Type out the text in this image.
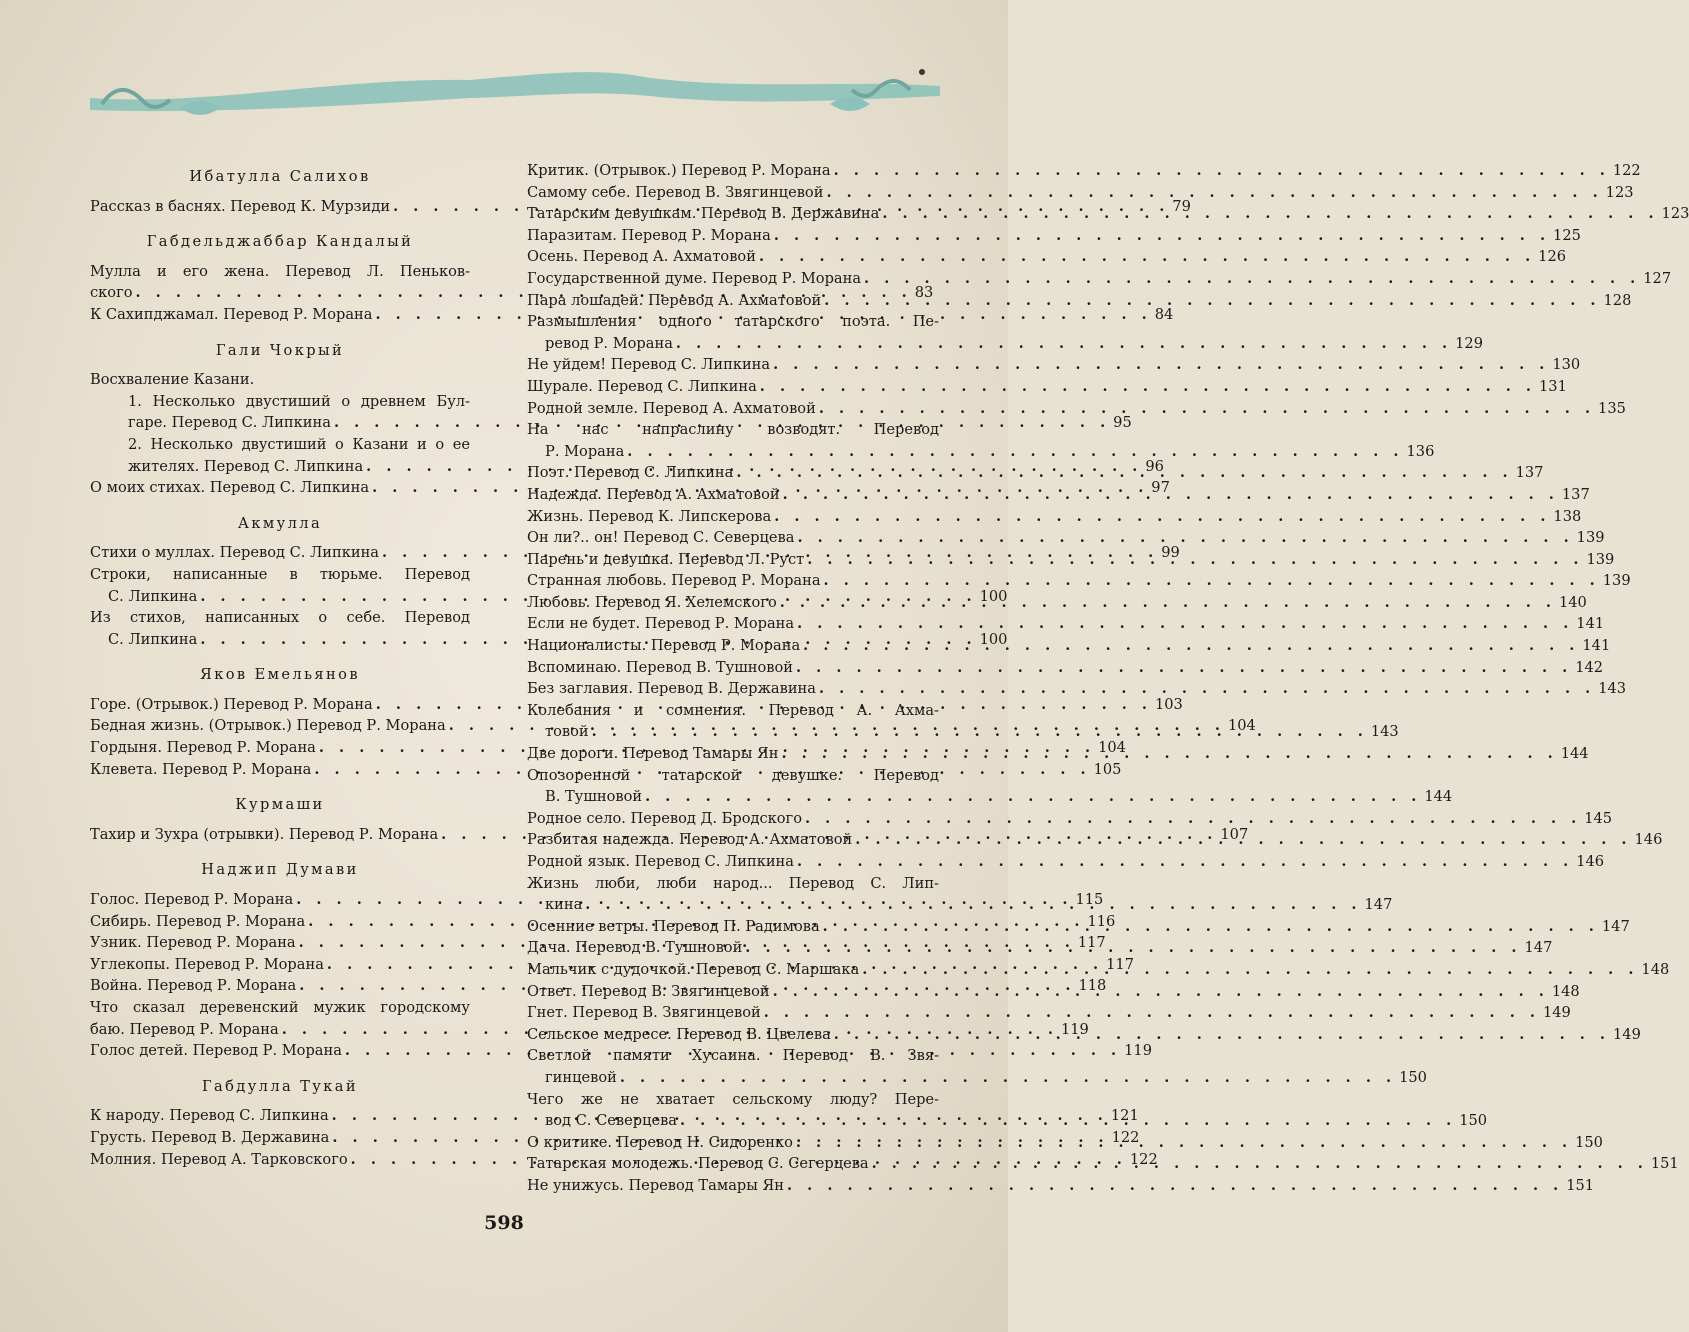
Ибатулла Салихов
Рассказ в баснях. Перевод К. Мурзиди . . .	79
Габдельджаббар Кандалый
Мулла и его жена. Перевод Л. Пеньков-
ского . . .	83
К Сахипджамал. Перевод Р. Морана . . .	84
Гали Чокрый
Восхваление Казани.
1. Несколько двустиший о древнем Бул-
гаре. Перевод С. Липкина . . .	95
2. Несколько двустиший о Казани и о ее
жителях. Перевод С. Липкина . . .	96
О моих стихах. Перевод С. Липкина . . .	97
Акмулла
Стихи о муллах. Перевод С. Липкина . . .	99
Строки, написанные в тюрьме. Перевод
С. Липкина . . .	100
Из стихов, написанных о себе. Перевод
С. Липкина . . .	100
Яков Емельянов
Горе. (Отрывок.) Перевод Р. Морана . . .	103
Бедная жизнь. (Отрывок.) Перевод Р. Морана . . .	104
Гордыня. Перевод Р. Морана . . .	104
Клевета. Перевод Р. Морана . . .	105
Курмаши
Тахир и Зухра (отрывки). Перевод Р. Морана . . .	107
Наджип Думави
Голос. Перевод Р. Морана . . .	115
Сибирь. Перевод Р. Морана . . .	116
Узник. Перевод Р. Морана . . .	117
Углекопы. Перевод Р. Морана . . .	117
Война. Перевод Р. Морана . . .	118
Что сказал деревенский мужик городскому
баю. Перевод Р. Морана . . .	119
Голос детей. Перевод Р. Морана . . .	119
Габдулла Тукай
К народу. Перевод С. Липкина . . .	121
Грусть. Перевод В. Державина . . .	122
Молния. Перевод А. Тарковского . . .	122
Критик. (Отрывок.) Перевод Р. Морана . . .	122
Самому себе. Перевод В. Звягинцевой . . .	123
Татарским девушкам. Перевод В. Державина . . .	123
Паразитам. Перевод Р. Морана . . .	125
Осень. Перевод А. Ахматовой . . .	126
Государственной думе. Перевод Р. Морана . . .	127
Пара лошадей. Перевод А. Ахматовой . . .	128
Размышления одного татарского поэта. Пе-
ревод Р. Морана . . .	129
Не уйдем! Перевод С. Липкина . . .	130
Шурале. Перевод С. Липкина . . .	131
Родной земле. Перевод А. Ахматовой . . .	135
На нас напраслину возводят. Перевод
Р. Морана . . .	136
Поэт. Перевод С. Липкина . . .	137
Надежда. Перевод А. Ахматовой . . .	137
Жизнь. Перевод К. Липскерова . . .	138
Он ли?.. он! Перевод С. Северцева . . .	139
Парень и девушка. Перевод Л. Руст . . .	139
Странная любовь. Перевод Р. Морана . . .	139
Любовь. Перевод Я. Хелемского . . .	140
Если не будет. Перевод Р. Морана . . .	141
Националисты. Перевод Р. Морана . . .	141
Вспоминаю. Перевод В. Тушновой . . .	142
Без заглавия. Перевод В. Державина . . .	143
Колебания и сомнения. Перевод А. Ахма-
товой . . .	143
Две дороги. Перевод Тамары Ян . . .	144
Опозоренной татарской девушке. Перевод
В. Тушновой . . .	144
Родное село. Перевод Д. Бродского . . .	145
Разбитая надежда. Перевод А. Ахматовой . . .	146
Родной язык. Перевод С. Липкина . . .	146
Жизнь люби, люби народ... Перевод С. Лип-
кина . . .	147
Осенние ветры. Перевод П. Радимова . . .	147
Дача. Перевод В. Тушновой . . .	147
Мальчик с дудочкой. Перевод С. Маршака . . .	148
Ответ. Перевод В. Звягинцевой . . .	148
Гнет. Перевод В. Звягинцевой . . .	149
Сельское медресе. Перевод В. Цвелева . . .	149
Светлой памяти Хусаина. Перевод В. Звя-
гинцевой . . .	150
Чего же не хватает сельскому люду? Пере-
вод С. Северцева . . .	150
О критике. Перевод Н. Сидоренко . . .	150
Татарская молодежь. Перевод С. Сегерцева . . .	151
Не унижусь. Перевод Тамары Ян . . .	151
598
